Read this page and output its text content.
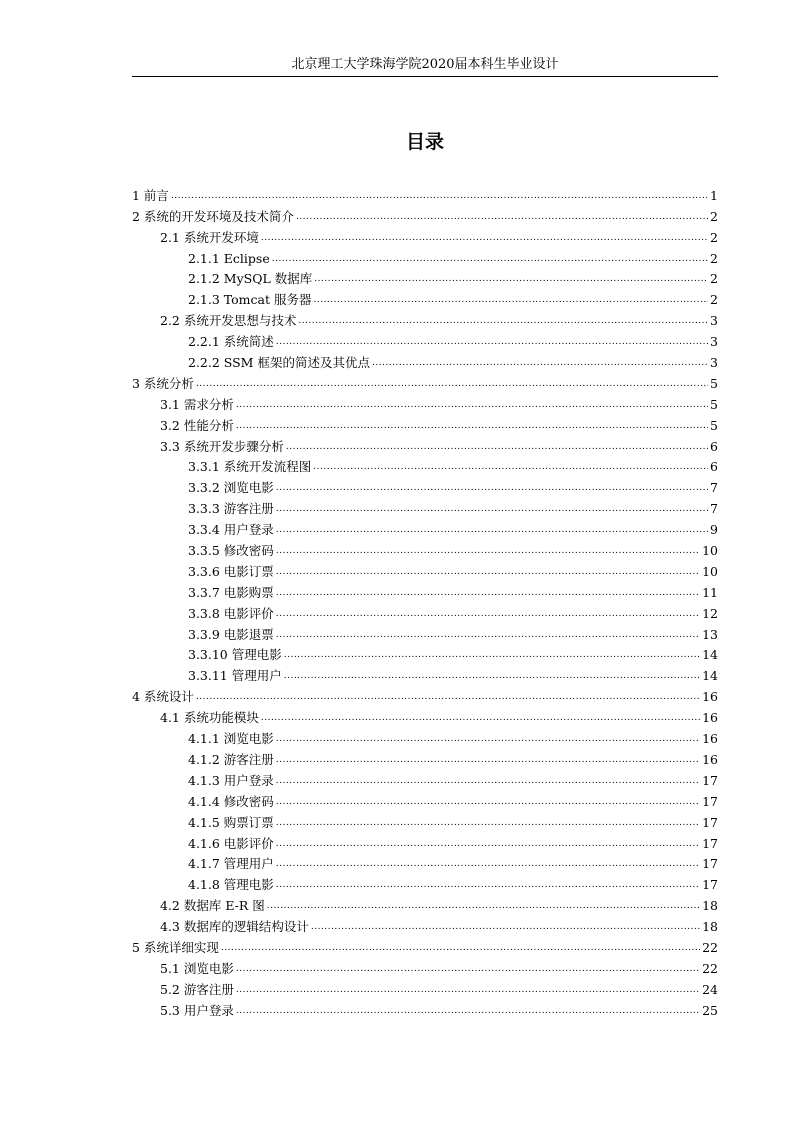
北京理工大学珠海学院2020届本科生毕业设计
目录
1 前言 .....	1
2 系统的开发环境及技术简介 .....	2
2.1 系统开发环境 .....	2
2.1.1 Eclipse .....	2
2.1.2 MySQL 数据库 .....	2
2.1.3 Tomcat 服务器 .....	2
2.2 系统开发思想与技术 .....	3
2.2.1 系统简述 .....	3
2.2.2 SSM 框架的简述及其优点 .....	3
3 系统分析 .....	5
3.1 需求分析 .....	5
3.2 性能分析 .....	5
3.3 系统开发步骤分析 .....	6
3.3.1 系统开发流程图 .....	6
3.3.2 浏览电影 .....	7
3.3.3 游客注册 .....	7
3.3.4 用户登录 .....	9
3.3.5 修改密码 .....	10
3.3.6 电影订票 .....	10
3.3.7 电影购票 .....	11
3.3.8 电影评价 .....	12
3.3.9 电影退票 .....	13
3.3.10 管理电影 .....	14
3.3.11 管理用户 .....	14
4 系统设计 .....	16
4.1 系统功能模块 .....	16
4.1.1 浏览电影 .....	16
4.1.2 游客注册 .....	16
4.1.3 用户登录 .....	17
4.1.4 修改密码 .....	17
4.1.5 购票订票 .....	17
4.1.6 电影评价 .....	17
4.1.7 管理用户 .....	17
4.1.8 管理电影 .....	17
4.2 数据库 E-R 图 .....	18
4.3 数据库的逻辑结构设计 .....	18
5 系统详细实现 .....	22
5.1 浏览电影 .....	22
5.2 游客注册 .....	24
5.3 用户登录 .....	25
